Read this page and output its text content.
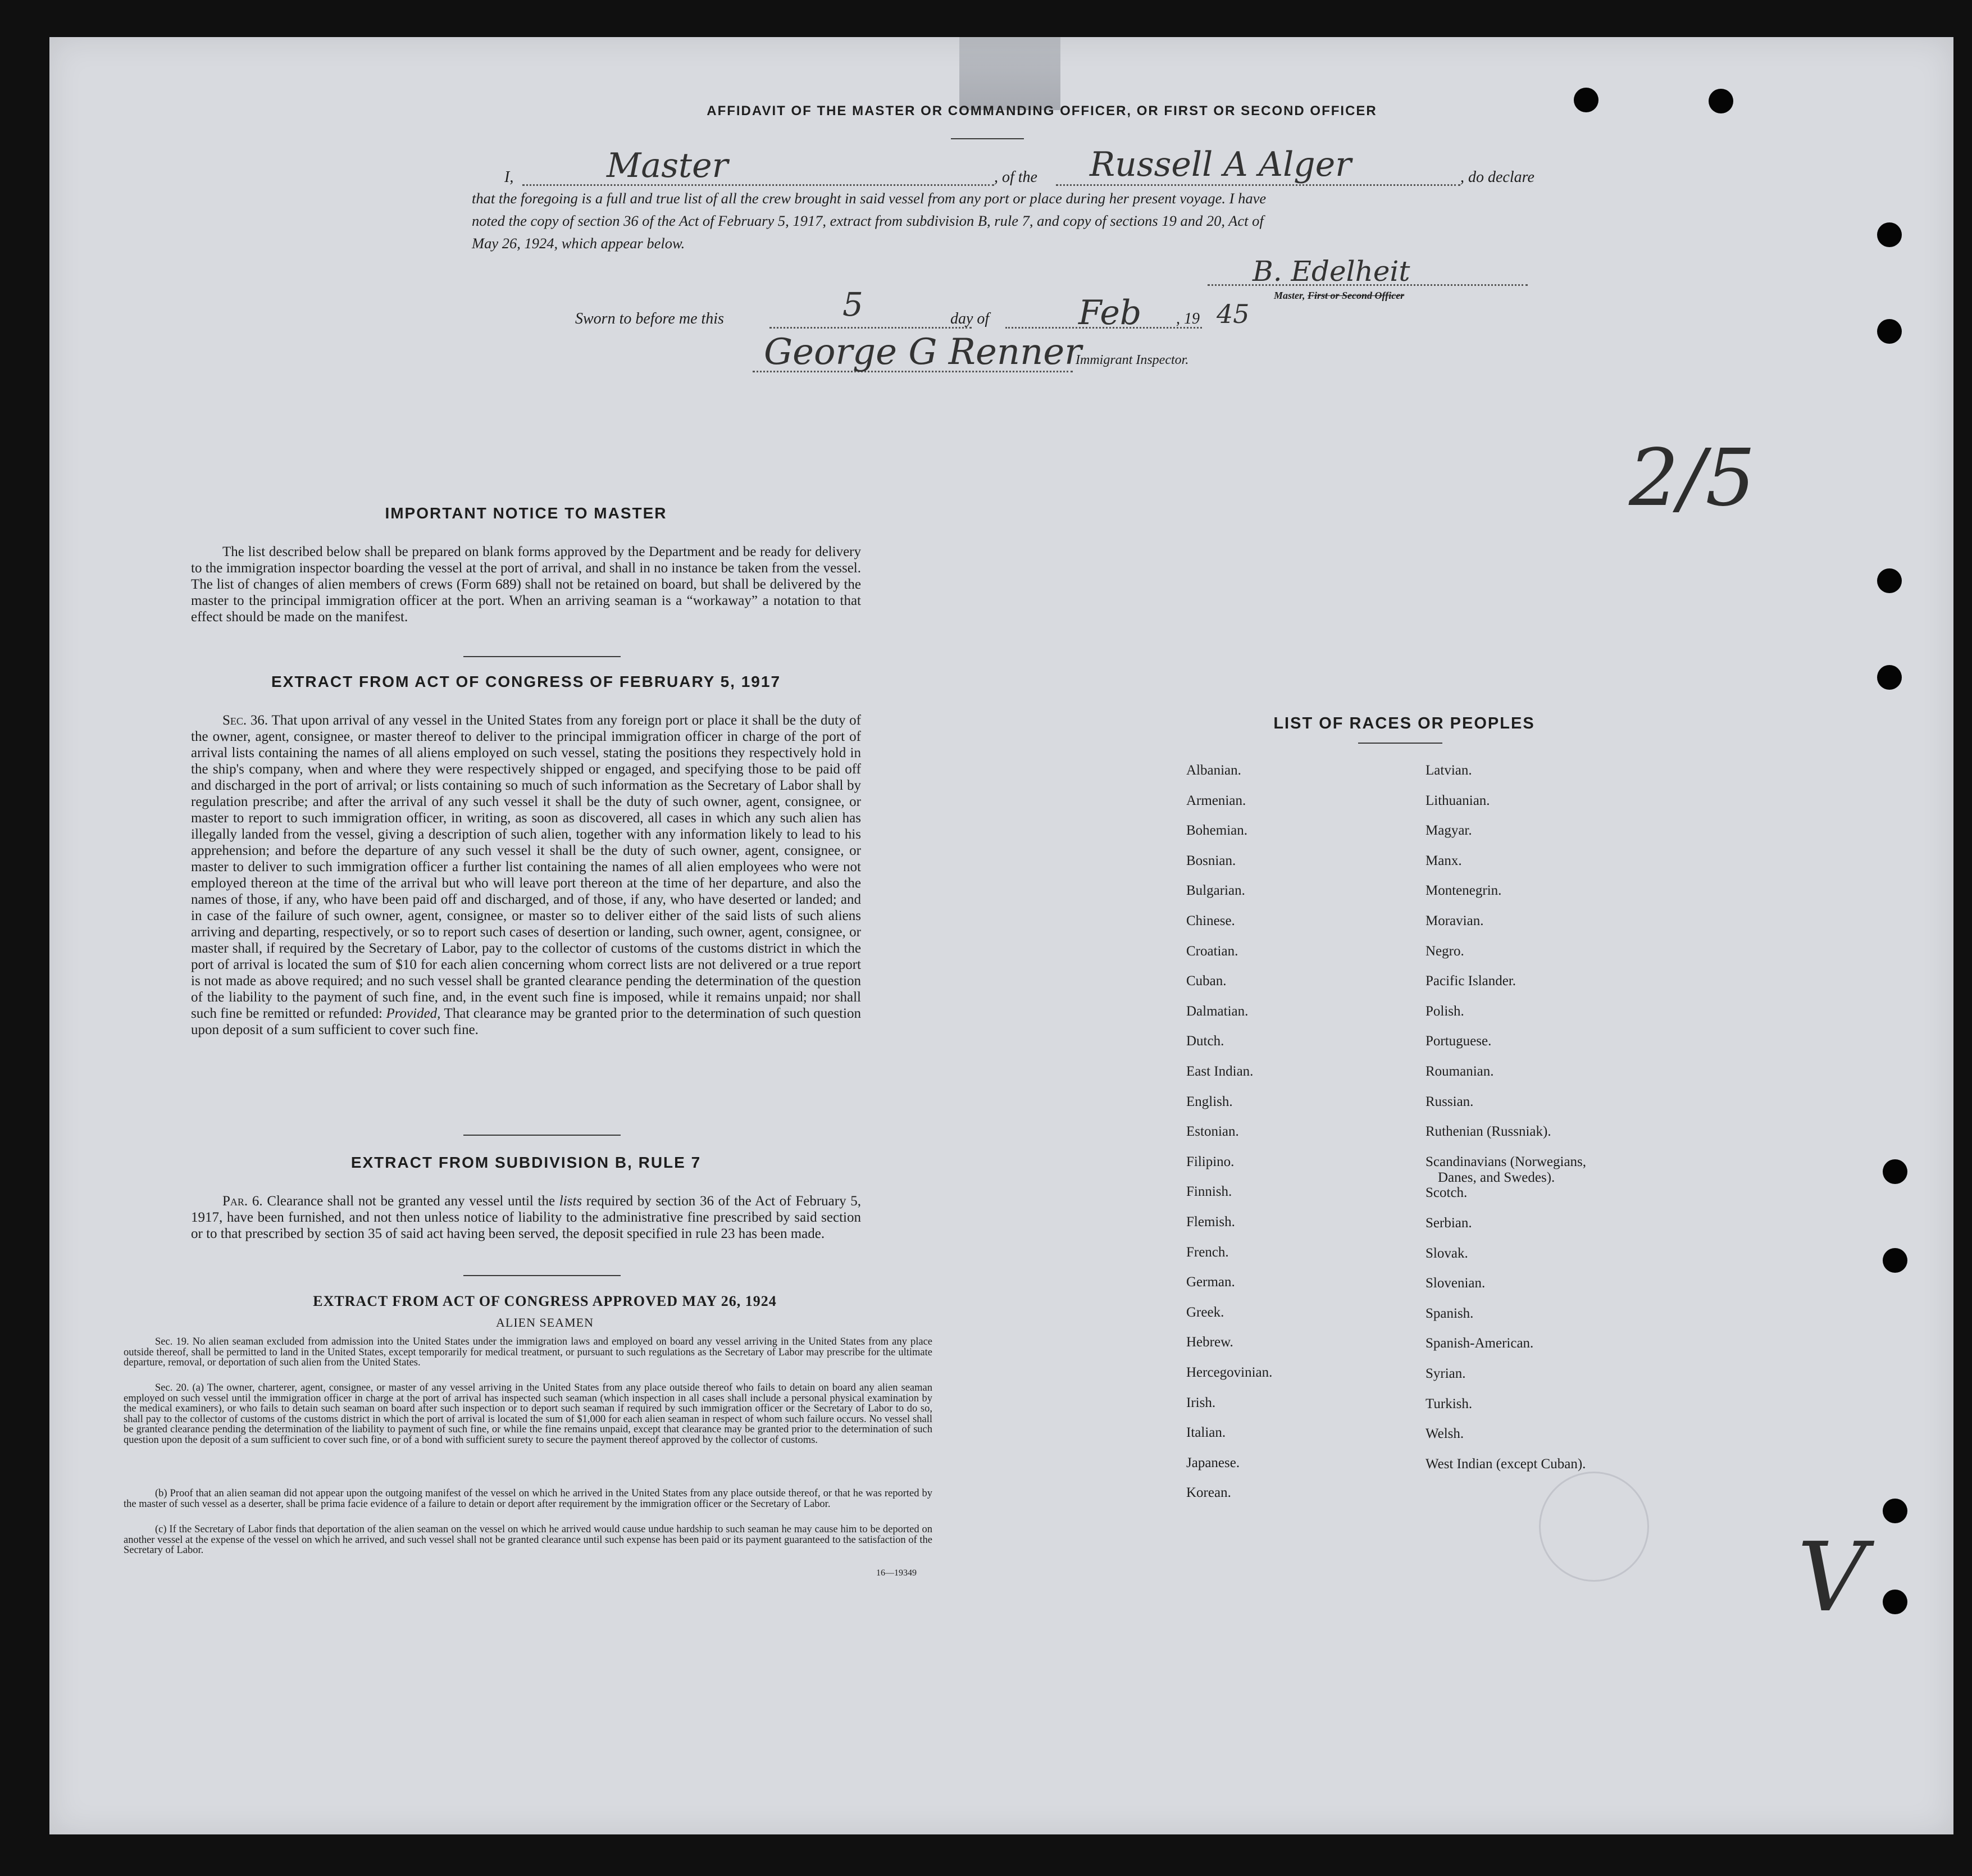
AFFIDAVIT OF THE MASTER OR COMMANDING OFFICER, OR FIRST OR SECOND OFFICER
I,	Master	, of the Russell A Alger	, do declare
that the foregoing is a full and true list of all the crew brought in said vessel from any port or place during her present voyage. I have
noted the copy of section 36 of the Act of February 5, 1917, extract from subdivision B, rule 7, and copy of sections 19 and 20, Act of
May 26, 1924, which appear below.
B. Edelheit
Master, First or Second Officer
Sworn to before me this	5	day of	Feb , 19 45
George G Renner
Immigrant Inspector.
2/5
V
IMPORTANT NOTICE TO MASTER
The list described below shall be prepared on blank forms approved by the Department and be ready for delivery to the immigration inspector boarding the vessel at the port of arrival, and shall in no instance be taken from the vessel. The list of changes of alien members of crews (Form 689) shall not be retained on board, but shall be delivered by the master to the principal immigration officer at the port. When an arriving seaman is a “workaway” a notation to that effect should be made on the manifest.
EXTRACT FROM ACT OF CONGRESS OF FEBRUARY 5, 1917
Sec. 36. That upon arrival of any vessel in the United States from any foreign port or place it shall be the duty of the owner, agent, consignee, or master thereof to deliver to the principal immigration officer in charge of the port of arrival lists containing the names of all aliens employed on such vessel, stating the positions they respectively hold in the ship's company, when and where they were respectively shipped or engaged, and specifying those to be paid off and discharged in the port of arrival; or lists containing so much of such information as the Secretary of Labor shall by regulation prescribe; and after the arrival of any such vessel it shall be the duty of such owner, agent, consignee, or master to report to such immigration officer, in writing, as soon as discovered, all cases in which any such alien has illegally landed from the vessel, giving a description of such alien, together with any information likely to lead to his apprehension; and before the departure of any such vessel it shall be the duty of such owner, agent, consignee, or master to deliver to such immigration officer a further list containing the names of all alien employees who were not employed thereon at the time of the arrival but who will leave port thereon at the time of her departure, and also the names of those, if any, who have been paid off and discharged, and of those, if any, who have deserted or landed; and in case of the failure of such owner, agent, consignee, or master so to deliver either of the said lists of such aliens arriving and departing, respectively, or so to report such cases of desertion or landing, such owner, agent, consignee, or master shall, if required by the Secretary of Labor, pay to the collector of customs of the customs district in which the port of arrival is located the sum of $10 for each alien concerning whom correct lists are not delivered or a true report is not made as above required; and no such vessel shall be granted clearance pending the determination of the question of the liability to the payment of such fine, and, in the event such fine is imposed, while it remains unpaid; nor shall such fine be remitted or refunded: Provided, That clearance may be granted prior to the determination of such question upon deposit of a sum sufficient to cover such fine.
EXTRACT FROM SUBDIVISION B, RULE 7
Par. 6. Clearance shall not be granted any vessel until the lists required by section 36 of the Act of February 5, 1917, have been furnished, and not then unless notice of liability to the administrative fine prescribed by said section or to that prescribed by section 35 of said act having been served, the deposit specified in rule 23 has been made.
EXTRACT FROM ACT OF CONGRESS APPROVED MAY 26, 1924
ALIEN SEAMEN
Sec. 19. No alien seaman excluded from admission into the United States under the immigration laws and employed on board any vessel arriving in the United States from any place outside thereof, shall be permitted to land in the United States, except temporarily for medical treatment, or pursuant to such regulations as the Secretary of Labor may prescribe for the ultimate departure, removal, or deportation of such alien from the United States.
Sec. 20. (a) The owner, charterer, agent, consignee, or master of any vessel arriving in the United States from any place outside thereof who fails to detain on board any alien seaman employed on such vessel until the immigration officer in charge at the port of arrival has inspected such seaman (which inspection in all cases shall include a personal physical examination by the medical examiners), or who fails to detain such seaman on board after such inspection or to deport such seaman if required by such immigration officer or the Secretary of Labor to do so, shall pay to the collector of customs of the customs district in which the port of arrival is located the sum of $1,000 for each alien seaman in respect of whom such failure occurs. No vessel shall be granted clearance pending the determination of the liability to payment of such fine, or while the fine remains unpaid, except that clearance may be granted prior to the determination of such question upon the deposit of a sum sufficient to cover such fine, or of a bond with sufficient surety to secure the payment thereof approved by the collector of customs.
(b) Proof that an alien seaman did not appear upon the outgoing manifest of the vessel on which he arrived in the United States from any place outside thereof, or that he was reported by the master of such vessel as a deserter, shall be prima facie evidence of a failure to detain or deport after requirement by the immigration officer or the Secretary of Labor.
(c) If the Secretary of Labor finds that deportation of the alien seaman on the vessel on which he arrived would cause undue hardship to such seaman he may cause him to be deported on another vessel at the expense of the vessel on which he arrived, and such vessel shall not be granted clearance until such expense has been paid or its payment guaranteed to the satisfaction of the Secretary of Labor.
16—19349
LIST OF RACES OR PEOPLES
Albanian.
Armenian.
Bohemian.
Bosnian.
Bulgarian.
Chinese.
Croatian.
Cuban.
Dalmatian.
Dutch.
East Indian.
English.
Estonian.
Filipino.
Finnish.
Flemish.
French.
German.
Greek.
Hebrew.
Hercegovinian.
Irish.
Italian.
Japanese.
Korean.
Latvian.
Lithuanian.
Magyar.
Manx.
Montenegrin.
Moravian.
Negro.
Pacific Islander.
Polish.
Portuguese.
Roumanian.
Russian.
Ruthenian (Russniak).
Scandinavians (Norwegians,
Danes, and Swedes).
Scotch.
Serbian.
Slovak.
Slovenian.
Spanish.
Spanish-American.
Syrian.
Turkish.
Welsh.
West Indian (except Cuban).
